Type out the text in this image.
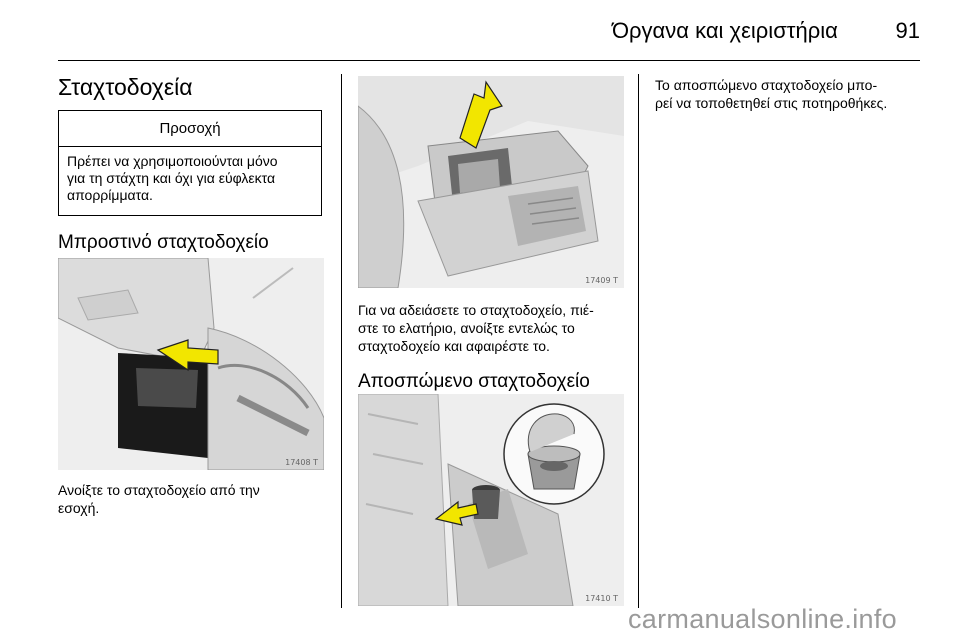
Όργανα και χειριστήρια	91
Σταχτοδοχεία
Προσοχή
Πρέπει να χρησιμοποιούνται μόνο
για τη στάχτη και όχι για εύφλεκτα
απορρίμματα.
Μπροστινό σταχτοδοχείο
17408 T
Ανοίξτε το σταχτοδοχείο από την
εσοχή.
17409 T
Για να αδειάσετε το σταχτοδοχείο, πιέ-
στε το ελατήριο, ανοίξτε εντελώς το
σταχτοδοχείο και αφαιρέστε το.
Αποσπώμενο σταχτοδοχείο
17410 T
Το αποσπώμενο σταχτοδοχείο μπο-
ρεί να τοποθετηθεί στις ποτηροθήκες.
carmanualsonline.info
